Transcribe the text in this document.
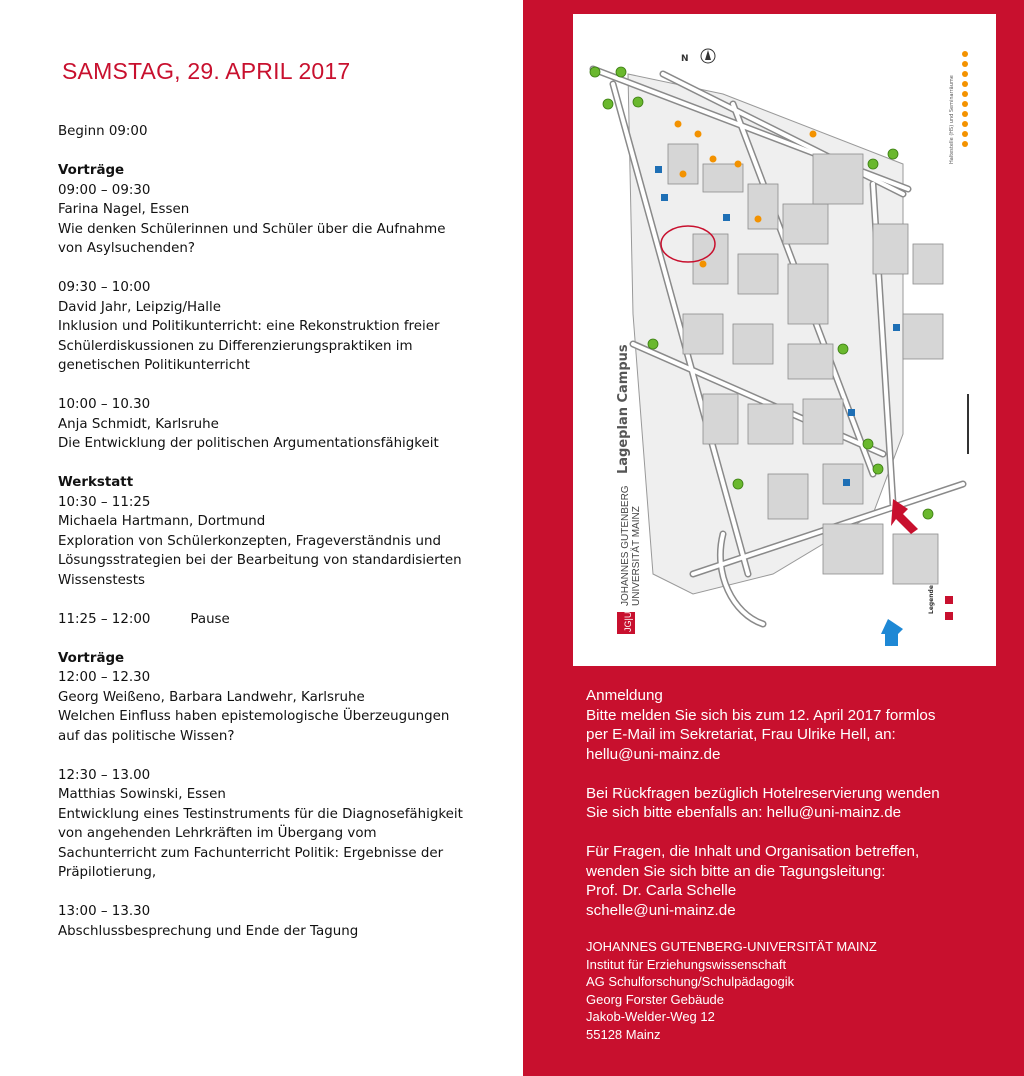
SAMSTAG, 29. APRIL 2017
Beginn 09:00
Vorträge
09:00 – 09:30
Farina Nagel, Essen
Wie denken Schülerinnen und Schüler über die Aufnahme
von Asylsuchenden?
09:30 – 10:00
David Jahr, Leipzig/Halle
Inklusion und Politikunterricht: eine Rekonstruktion freier
Schülerdiskussionen zu Differenzierungspraktiken im
genetischen Politikunterricht
10:00 – 10.30
Anja Schmidt, Karlsruhe
Die Entwicklung der politischen Argumentationsfähigkeit
Werkstatt
10:30 – 11:25
Michaela Hartmann, Dortmund
Exploration von Schülerkonzepten, Frageverständnis und
Lösungsstrategien bei der Bearbeitung von standardisierten
Wissenstests
11:25 – 12:00	Pause
Vorträge
12:00 – 12.30
Georg Weißeno, Barbara Landwehr, Karlsruhe
Welchen Einfluss haben epistemologische Überzeugungen
auf das politische Wissen?
12:30 – 13.00
Matthias Sowinski, Essen
Entwicklung eines Testinstruments für die Diagnosefähigkeit
von angehenden Lehrkräften im Übergang vom
Sachunterricht zum Fachunterricht Politik: Ergebnisse der
Präpilotierung,
13:00 – 13.30
Abschlussbesprechung und Ende der Tagung
Haltestelle (HS) und Seminarräume
JG|U
JOHANNES GUTENBERG UNIVERSITÄT MAINZ
Lageplan Campus
N
Legende
Anmeldung
Bitte melden Sie sich bis zum 12. April 2017 formlos
per E-Mail im Sekretariat, Frau Ulrike Hell, an:
hellu@uni-mainz.de
Bei Rückfragen bezüglich Hotelreservierung wenden
Sie sich bitte ebenfalls an: hellu@uni-mainz.de
Für Fragen, die Inhalt und Organisation betreffen,
wenden Sie sich bitte an die Tagungsleitung:
Prof. Dr. Carla Schelle
schelle@uni-mainz.de
JOHANNES GUTENBERG-UNIVERSITÄT MAINZ
Institut für Erziehungswissenschaft
AG Schulforschung/Schulpädagogik
Georg Forster Gebäude
Jakob-Welder-Weg 12
55128 Mainz
